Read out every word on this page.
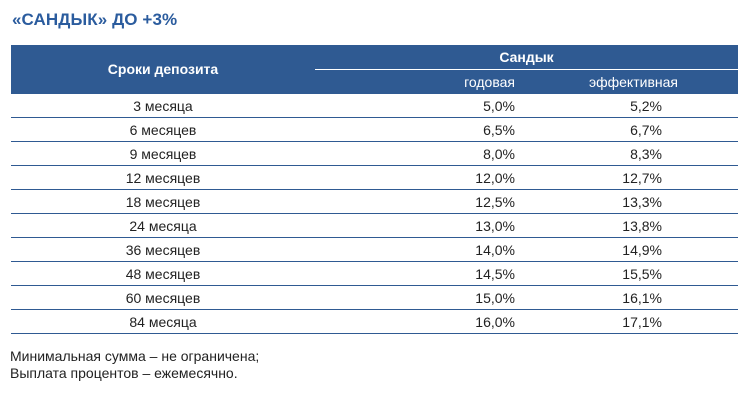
«САНДЫК» ДО +3%
Сроки депозита	Сандык	
	годовая	эффективная
3 месяца	5,0%	5,2%
6 месяцев	6,5%	6,7%
9 месяцев	8,0%	8,3%
12 месяцев	12,0%	12,7%
18 месяцев	12,5%	13,3%
24 месяца	13,0%	13,8%
36 месяцев	14,0%	14,9%
48 месяцев	14,5%	15,5%
60 месяцев	15,0%	16,1%
84 месяца	16,0%	17,1%
Минимальная сумма – не ограничена;
Выплата процентов – ежемесячно.
